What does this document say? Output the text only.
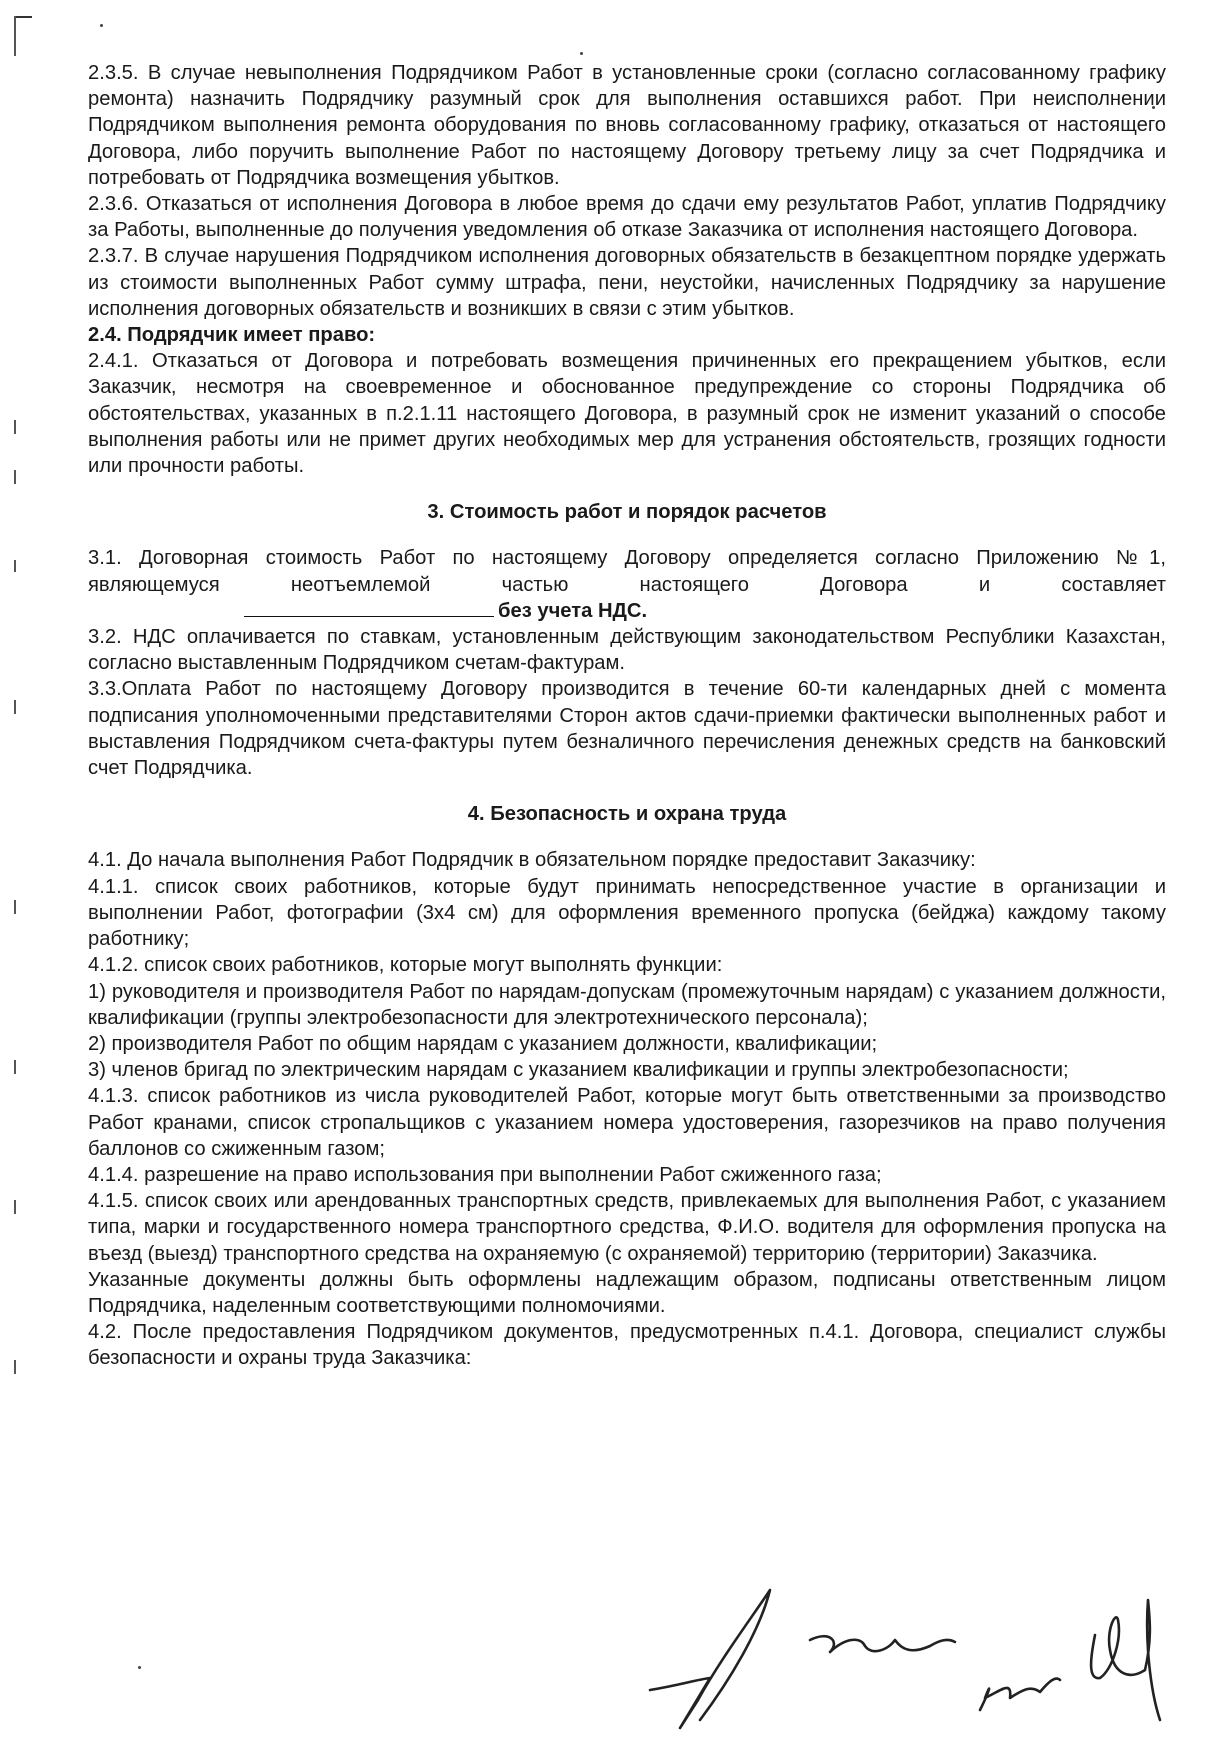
2.3.5. В случае невыполнения Подрядчиком Работ в установленные сроки (согласно согласованному графику ремонта) назначить Подрядчику разумный срок для выполнения оставшихся работ. При неисполнении Подрядчиком выполнения ремонта оборудования по вновь согласованному графику, отказаться от настоящего Договора, либо поручить выполнение Работ по настоящему Договору третьему лицу за счет Подрядчика и потребовать от Подрядчика возмещения убытков.

2.3.6. Отказаться от исполнения Договора в любое время до сдачи ему результатов Работ, уплатив Подрядчику за Работы, выполненные до получения уведомления об отказе Заказчика от исполнения настоящего Договора.

2.3.7. В случае нарушения Подрядчиком исполнения договорных обязательств в безакцептном порядке удержать из стоимости выполненных Работ сумму штрафа, пени, неустойки, начисленных Подрядчику за нарушение исполнения договорных обязательств и возникших в связи с этим убытков.

2.4. Подрядчик имеет право:

2.4.1. Отказаться от Договора и потребовать возмещения причиненных его прекращением убытков, если Заказчик, несмотря на своевременное и обоснованное предупреждение со стороны Подрядчика об обстоятельствах, указанных в п.2.1.11 настоящего Договора, в разумный срок не изменит указаний о способе выполнения работы или не примет других необходимых мер для устранения обстоятельств, грозящих годности или прочности работы.

3. Стоимость работ и порядок расчетов

3.1. Договорная стоимость Работ по настоящему Договору определяется согласно Приложению №1, являющемуся неотъемлемой частью настоящего Договора и составляет

без учета НДС.

3.2. НДС оплачивается по ставкам, установленным действующим законодательством Республики Казахстан, согласно выставленным Подрядчиком счетам-фактурам.

3.3.Оплата Работ по настоящему Договору производится в течение 60-ти календарных дней с момента подписания уполномоченными представителями Сторон актов сдачи-приемки фактически выполненных работ и выставления Подрядчиком счета-фактуры путем безналичного перечисления денежных средств на банковский счет Подрядчика.

4. Безопасность и охрана труда

4.1. До начала выполнения Работ Подрядчик в обязательном порядке предоставит Заказчику:

4.1.1. список своих работников, которые будут принимать непосредственное участие в организации и выполнении Работ, фотографии (3х4 см) для оформления временного пропуска (бейджа) каждому такому работнику;

4.1.2. список своих работников, которые могут выполнять функции:

1) руководителя и производителя Работ по нарядам-допускам (промежуточным нарядам) с указанием должности, квалификации (группы электробезопасности для электротехнического персонала);

2) производителя Работ по общим нарядам с указанием должности, квалификации;

3) членов бригад по электрическим нарядам с указанием квалификации и группы электробезопасности;

4.1.3. список работников из числа руководителей Работ, которые могут быть ответственными за производство Работ кранами, список стропальщиков с указанием номера удостоверения, газорезчиков на право получения баллонов со сжиженным газом;

4.1.4. разрешение на право использования при выполнении Работ сжиженного газа;

4.1.5. список своих или арендованных транспортных средств, привлекаемых для выполнения Работ, с указанием типа, марки и государственного номера транспортного средства, Ф.И.О. водителя для оформления пропуска на въезд (выезд) транспортного средства на охраняемую (с охраняемой) территорию (территории) Заказчика.

Указанные документы должны быть оформлены надлежащим образом, подписаны ответственным лицом Подрядчика, наделенным соответствующими полномочиями.

4.2. После предоставления Подрядчиком документов, предусмотренных п.4.1. Договора, специалист службы безопасности и охраны труда Заказчика:
